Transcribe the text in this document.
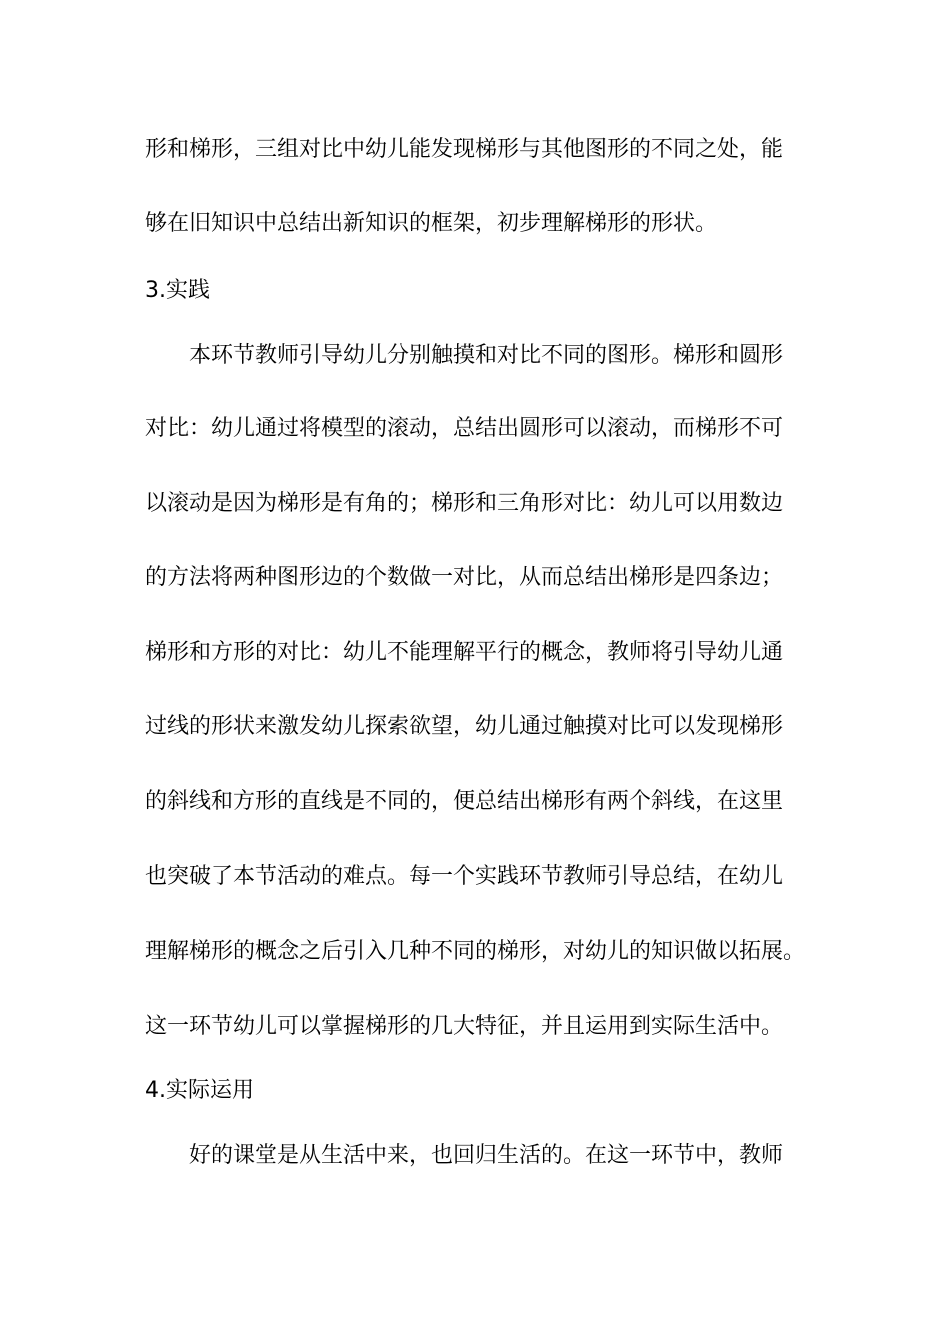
形和梯形，三组对比中幼儿能发现梯形与其他图形的不同之处，能
够在旧知识中总结出新知识的框架，初步理解梯形的形状。
3.实践
本环节教师引导幼儿分别触摸和对比不同的图形。梯形和圆形
对比：幼儿通过将模型的滚动，总结出圆形可以滚动，而梯形不可
以滚动是因为梯形是有角的；梯形和三角形对比：幼儿可以用数边
的方法将两种图形边的个数做一对比，从而总结出梯形是四条边；
梯形和方形的对比：幼儿不能理解平行的概念，教师将引导幼儿通
过线的形状来激发幼儿探索欲望，幼儿通过触摸对比可以发现梯形
的斜线和方形的直线是不同的，便总结出梯形有两个斜线，在这里
也突破了本节活动的难点。每一个实践环节教师引导总结，在幼儿
理解梯形的概念之后引入几种不同的梯形，对幼儿的知识做以拓展。
这一环节幼儿可以掌握梯形的几大特征，并且运用到实际生活中。
4.实际运用
好的课堂是从生活中来，也回归生活的。在这一环节中，教师
